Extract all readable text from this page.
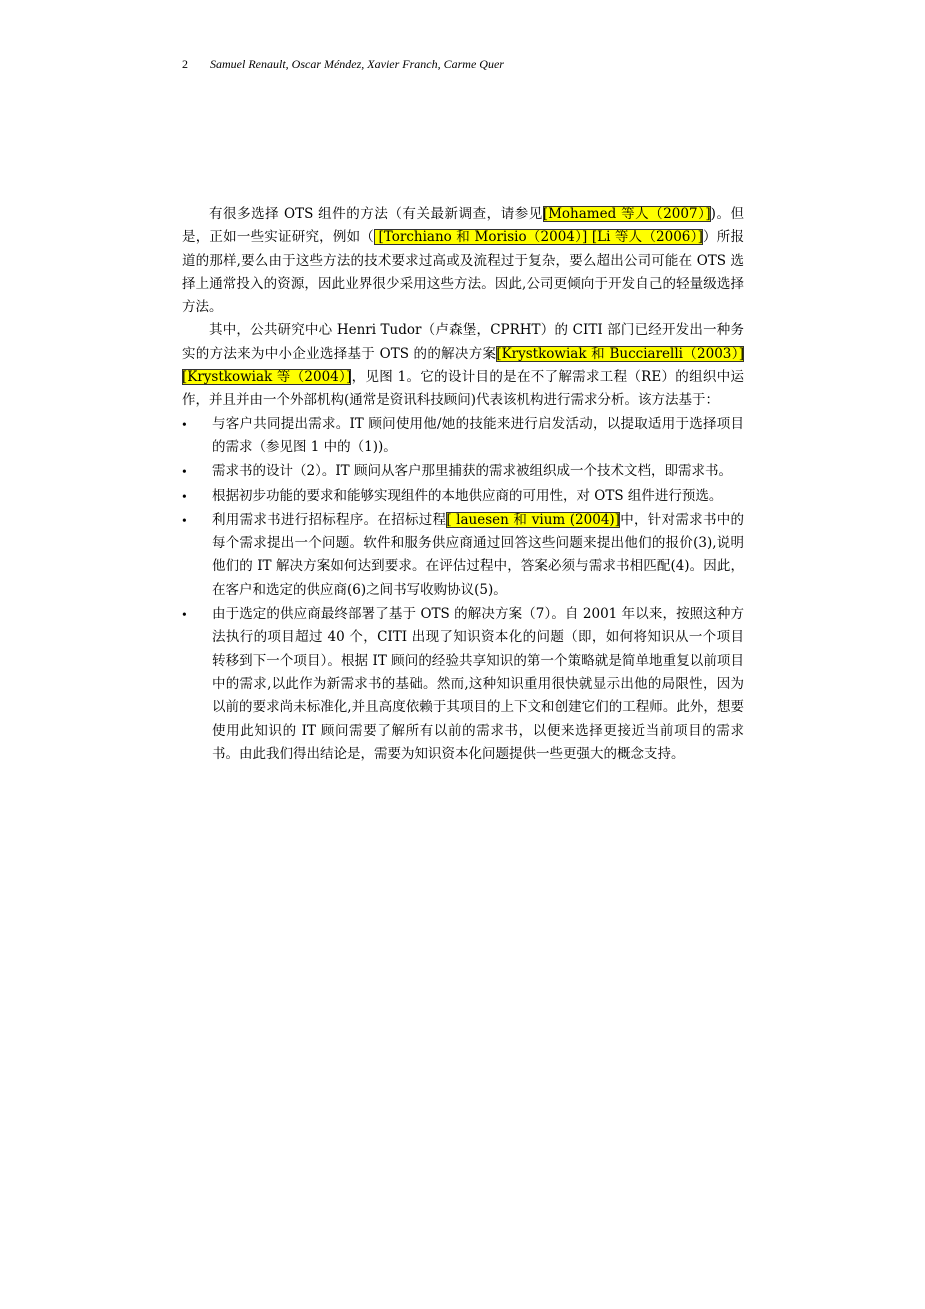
2 Samuel Renault, Oscar Méndez, Xavier Franch, Carme Quer

有很多选择 OTS 组件的方法（有关最新调查，请参见[Mohamed 等人（2007）])。但是，正如一些实证研究，例如（ [Torchiano 和 Morisio（2004）] [Li 等人（2006）]）所报道的那样,要么由于这些方法的技术要求过高或及流程过于复杂，要么超出公司可能在 OTS 选择上通常投入的资源，因此业界很少采用这些方法。因此,公司更倾向于开发自己的轻量级选择方法。

其中，公共研究中心 Henri Tudor（卢森堡，CPRHT）的 CITI 部门已经开发出一种务实的方法来为中小企业选择基于 OTS 的的解决方案[Krystkowiak 和 Bucciarelli（2003）] [Krystkowiak 等（2004）]，见图 1。它的设计目的是在不了解需求工程（RE）的组织中运作，并且并由一个外部机构(通常是资讯科技顾问)代表该机构进行需求分析。该方法基于：

• 与客户共同提出需求。IT 顾问使用他/她的技能来进行启发活动，以提取适用于选择项目的需求（参见图 1 中的（1))。
• 需求书的设计（2）。IT 顾问从客户那里捕获的需求被组织成一个技术文档，即需求书。
• 根据初步功能的要求和能够实现组件的本地供应商的可用性，对 OTS 组件进行预选。
• 利用需求书进行招标程序。在招标过程[ lauesen 和 vium (2004)]中，针对需求书中的每个需求提出一个问题。软件和服务供应商通过回答这些问题来提出他们的报价(3),说明他们的 IT 解决方案如何达到要求。在评估过程中，答案必须与需求书相匹配(4)。因此，在客户和选定的供应商(6)之间书写收购协议(5)。
• 由于选定的供应商最终部署了基于 OTS 的解决方案（7）。自 2001 年以来，按照这种方法执行的项目超过 40 个，CITI 出现了知识资本化的问题（即，如何将知识从一个项目转移到下一个项目）。根据 IT 顾问的经验共享知识的第一个策略就是简单地重复以前项目中的需求,以此作为新需求书的基础。然而,这种知识重用很快就显示出他的局限性，因为以前的要求尚未标准化,并且高度依赖于其项目的上下文和创建它们的工程师。此外，想要使用此知识的 IT 顾问需要了解所有以前的需求书，以便来选择更接近当前项目的需求书。由此我们得出结论是，需要为知识资本化问题提供一些更强大的概念支持。
